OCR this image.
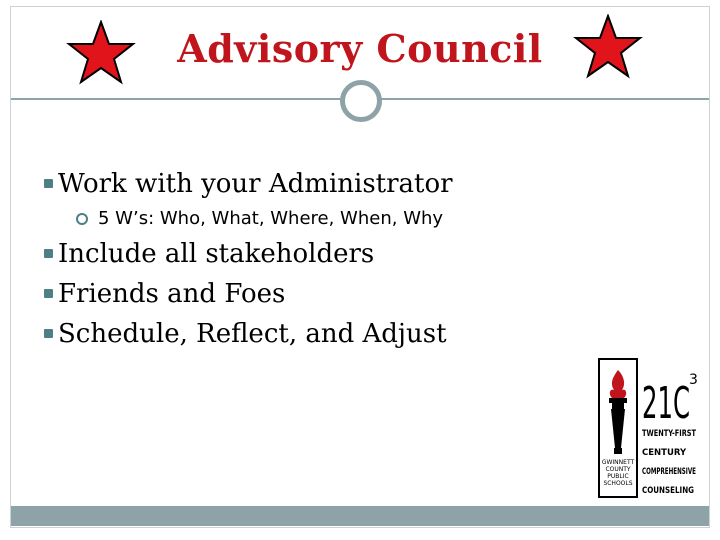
Advisory Council
Work with your Administrator
5 W’s: Who, What, Where, When, Why
Include all stakeholders
Friends and Foes
Schedule, Reflect, and Adjust
GWINNETT
COUNTY
PUBLIC
SCHOOLS
21C 3
TWENTY-FIRST
CENTURY
COMPREHENSIVE
COUNSELING
